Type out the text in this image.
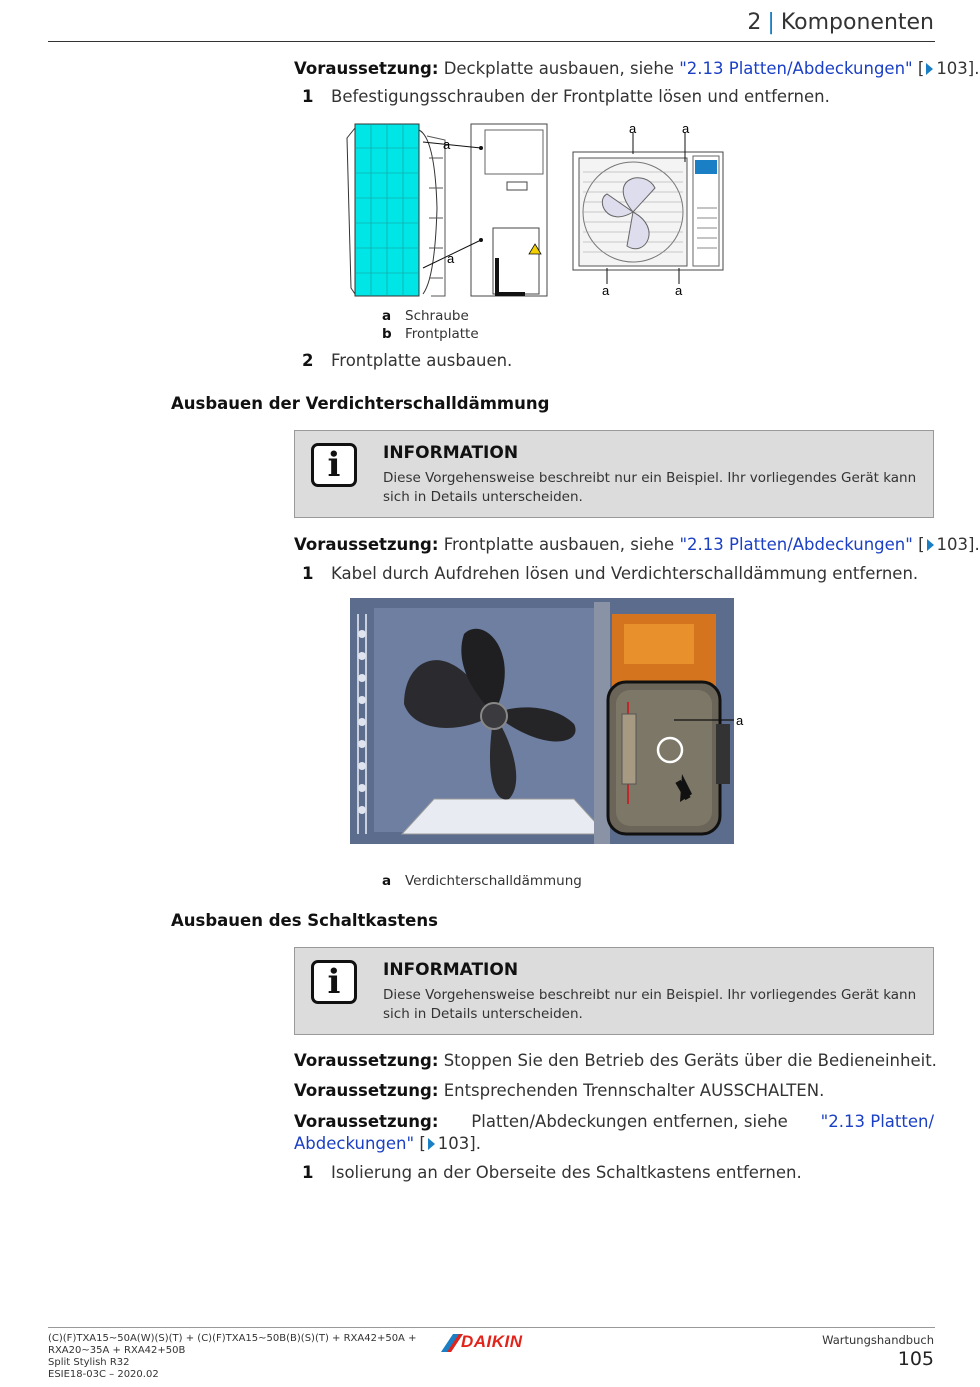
2 | Komponenten
Voraussetzung: Deckplatte ausbauen, siehe "2.13 Platten/Abdeckungen" [ 103].
1 Befestigungsschrauben der Frontplatte lösen und entfernen.
a
a
a	a
a	a
a Schraube
b Frontplatte
2 Frontplatte ausbauen.
Ausbauen der Verdichterschalldämmung
i	INFORMATION
Diese Vorgehensweise beschreibt nur ein Beispiel. Ihr vorliegendes Gerät kann sich in Details unterscheiden.
Voraussetzung: Frontplatte ausbauen, siehe "2.13 Platten/Abdeckungen" [ 103].
1 Kabel durch Aufdrehen lösen und Verdichterschalldämmung entfernen.
a
a Verdichterschalldämmung
Ausbauen des Schaltkastens
i	INFORMATION
Diese Vorgehensweise beschreibt nur ein Beispiel. Ihr vorliegendes Gerät kann sich in Details unterscheiden.
Voraussetzung: Stoppen Sie den Betrieb des Geräts über die Bedieneinheit.
Voraussetzung: Entsprechenden Trennschalter AUSSCHALTEN.
Voraussetzung: Platten/Abdeckungen entfernen, siehe "2.13 Platten/
Abdeckungen" [ 103].
1 Isolierung an der Oberseite des Schaltkastens entfernen.
(C)(F)TXA15~50A(W)(S)(T) + (C)(F)TXA15~50B(B)(S)(T) + RXA42+50A +
RXA20~35A + RXA42+50B
Split Stylish R32
ESIE18-03C – 2020.02
DAIKIN	Wartungshandbuch
105
